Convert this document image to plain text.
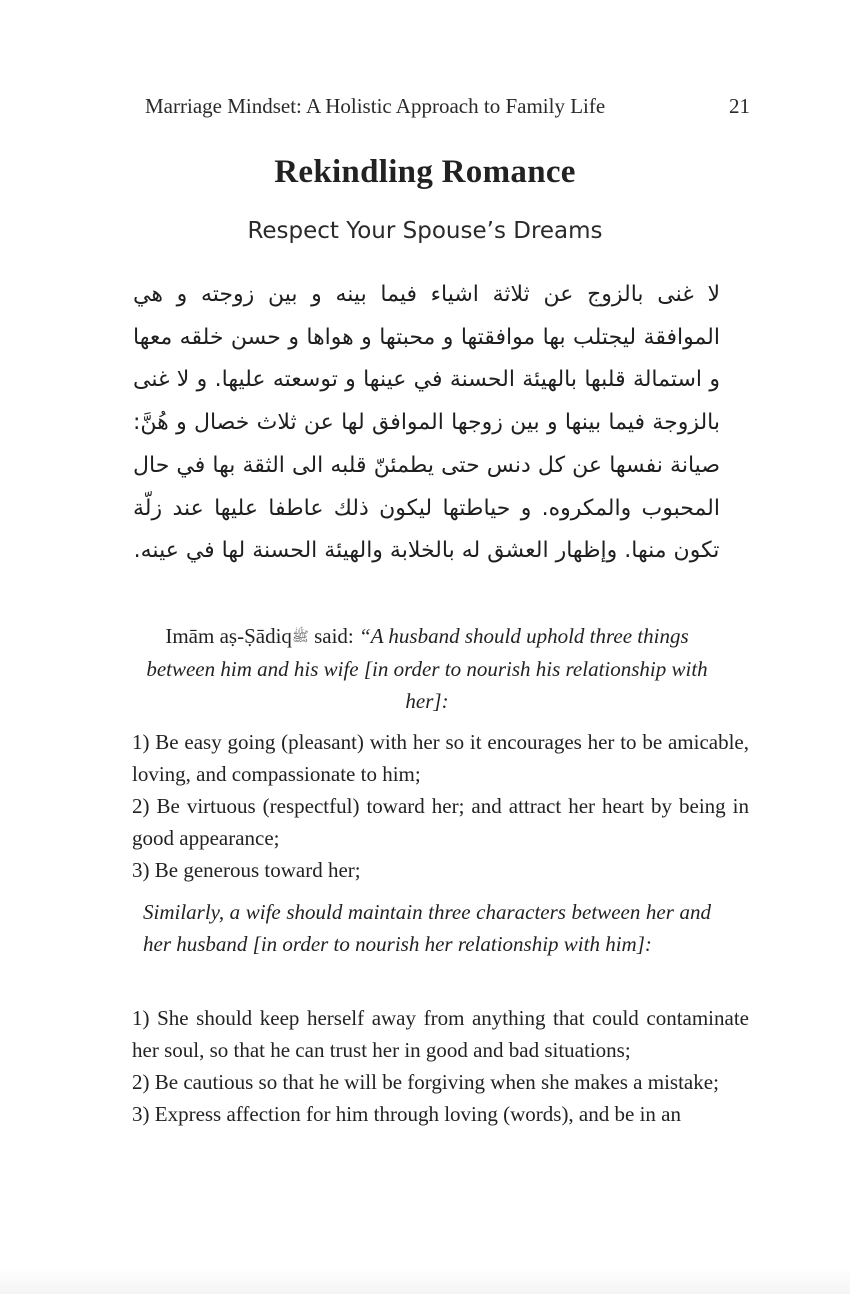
Marriage Mindset: A Holistic Approach to Family Life	21
Rekindling Romance
Respect Your Spouse’s Dreams
لا غنى بالزوج عن ثلاثة اشياء فيما بينه و بين زوجته و هي الموافقة ليجتلب بها موافقتها و محبتها و هواها و حسن خلقه معها و استمالة قلبها بالهيئة الحسنة في عينها و توسعته عليها. و لا غنى بالزوجة فيما بينها و بين زوجها الموافق لها عن ثلاث خصال و هُنَّ: صيانة نفسها عن كل دنس حتى يطمئنّ قلبه الى الثقة بها في حال المحبوب والمكروه. و حياطتها ليكون ذلك عاطفا عليها عند زلّة تكون منها. وإظهار العشق له بالخلابة والهيئة الحسنة لها في عينه.
Imām aṣ-Ṣādiqﷺ said: “A husband should uphold three things between him and his wife [in order to nourish his relationship with her]:

1) Be easy going (pleasant) with her so it encourages her to be amicable, loving, and compassionate to him;

2) Be virtuous (respectful) toward her; and attract her heart by being in good appearance;

3) Be generous toward her;

Similarly, a wife should maintain three characters between her and her husband [in order to nourish her relationship with him]:

1) She should keep herself away from anything that could contaminate her soul, so that he can trust her in good and bad situations;

2) Be cautious so that he will be forgiving when she makes a mistake;

3) Express affection for him through loving (words), and be in an
